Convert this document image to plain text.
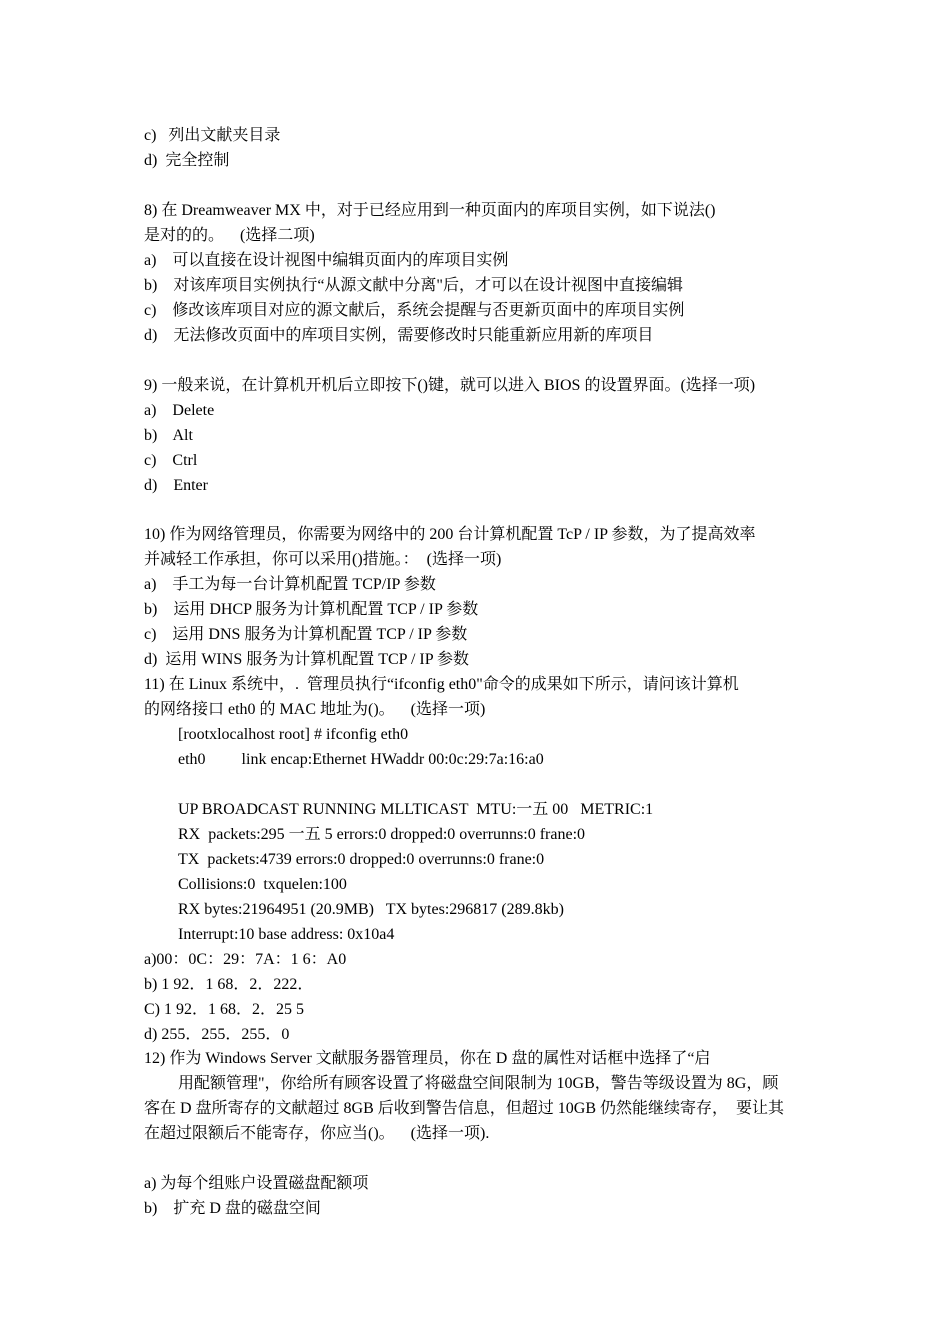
c)   列出文献夹目录
d)  完全控制
8) 在 Dreamweaver MX 中，对于已经应用到一种页面内的库项目实例，如下说法()
是对的的。    (选择二项)
a)    可以直接在设计视图中编辑页面内的库项目实例
b)    对该库项目实例执行“从源文献中分离"后，才可以在设计视图中直接编辑
c)    修改该库项目对应的源文献后，系统会提醒与否更新页面中的库项目实例
d)    无法修改页面中的库项目实例，需要修改时只能重新应用新的库项目
9) 一般来说，在计算机开机后立即按下()键，就可以进入 BIOS 的设置界面。(选择一项)
a)    Delete
b)    Alt
c)    Ctrl
d)    Enter
10) 作为网络管理员，你需要为网络中的 200 台计算机配置 TcP / IP 参数，为了提高效率
并减轻工作承担，你可以采用()措施。：  (选择一项)
a)    手工为每一台计算机配置 TCP/IP 参数
b)    运用 DHCP 服务为计算机配置 TCP / IP 参数
c)    运用 DNS 服务为计算机配置 TCP / IP 参数
d)  运用 WINS 服务为计算机配置 TCP / IP 参数
11) 在 Linux 系统中，.  管理员执行“ifconfig eth0"命令的成果如下所示，请问该计算机
的网络接口 eth0 的 MAC 地址为()。    (选择一项)
[rootxlocalhost root] # ifconfig eth0
eth0         link encap:Ethernet HWaddr 00:0c:29:7a:16:a0
UP BROADCAST RUNNING MLLTICAST  MTU:一五 00   METRIC:1
RX  packets:295 一五 5 errors:0 dropped:0 overrunns:0 frane:0
TX  packets:4739 errors:0 dropped:0 overrunns:0 frane:0
Collisions:0  txquelen:100
RX bytes:21964951 (20.9MB)   TX bytes:296817 (289.8kb)
Interrupt:10 base address: 0x10a4
a)00：0C：29：7A：1 6：A0
b) 1 92．1 68．2．222．
C) 1 92．1 68．2．25 5
d) 255．255．255．0
12) 作为 Windows Server 文献服务器管理员，你在 D 盘的属性对话框中选择了“启
用配额管理"，你给所有顾客设置了将磁盘空间限制为 10GB，警告等级设置为 8G，顾
客在 D 盘所寄存的文献超过 8GB 后收到警告信息，但超过 10GB 仍然能继续寄存，  要让其
在超过限额后不能寄存，你应当()。    (选择一项).
a) 为每个组账户设置磁盘配额项
b)    扩充 D 盘的磁盘空间
